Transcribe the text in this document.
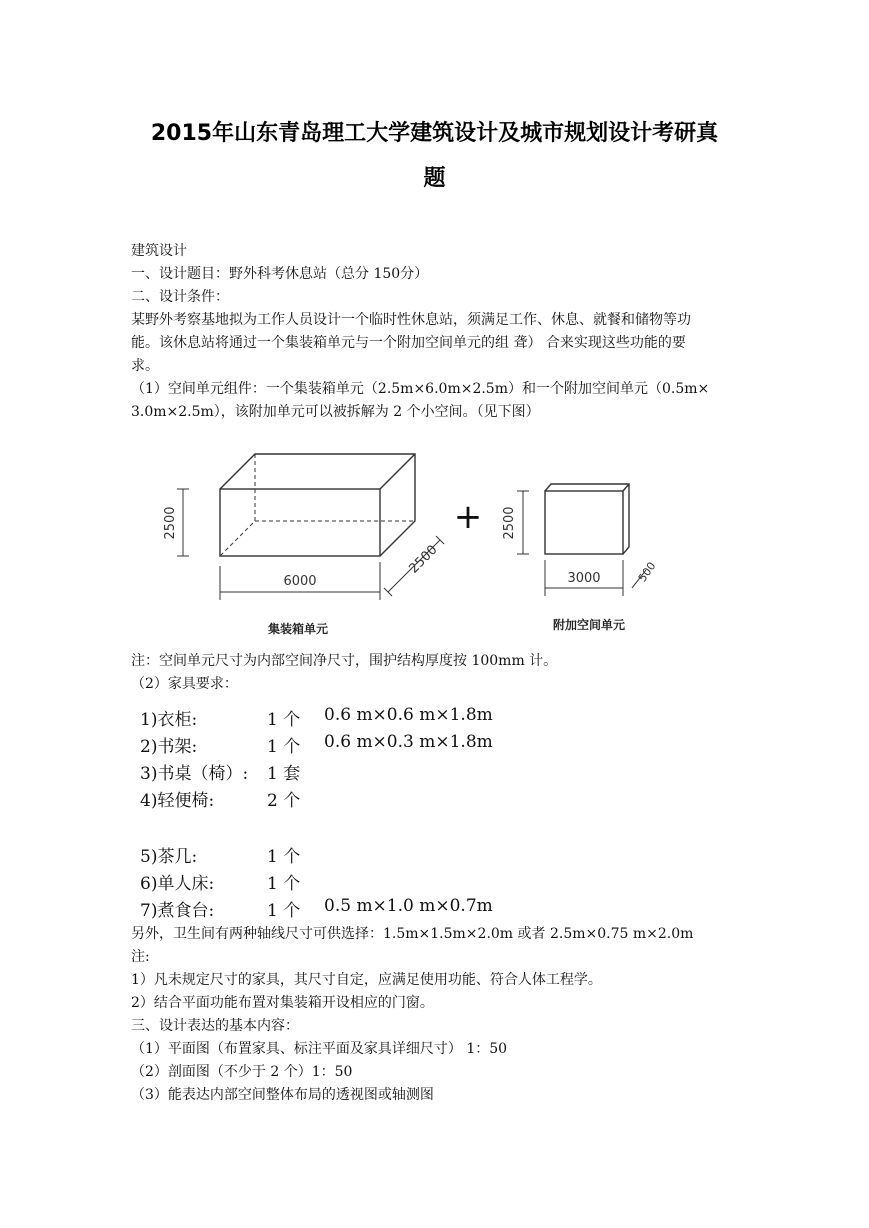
2015年山东青岛理工大学建筑设计及城市规划设计考研真
题
建筑设计
一、设计题目：野外科考休息站（总分 150分）
二、设计条件：
某野外考察基地拟为工作人员设计一个临时性休息站，须满足工作、休息、就餐和储物等功
能。该休息站将通过一个集装箱单元与一个附加空间单元的组 聋） 合来实现这些功能的要
求。
（1）空间单元组件：一个集装箱单元（2.5m×6.0m×2.5m）和一个附加空间单元（0.5m×
3.0m×2.5m），该附加单元可以被拆解为 2 个小空间。（见下图）
+
2500
6000
2500
2500
3000	500
集装箱单元	附加空间单元
注：空间单元尺寸为内部空间净尺寸，围护结构厚度按 100mm 计。
（2）家具要求：
1)衣柜:	1 个 0.6 m×0.6 m×1.8m
2)书架:	1 个 0.6 m×0.3 m×1.8m
3)书桌（椅）: 1 套
4)轻便椅:	2 个
5)茶几:	1 个
6)单人床:	1 个
7)煮食台:	1 个 0.5 m×1.0 m×0.7m
另外，卫生间有两种轴线尺寸可供选择：1.5m×1.5m×2.0m 或者 2.5m×0.75 m×2.0m
注:
1）凡未规定尺寸的家具，其尺寸自定，应满足使用功能、符合人体工程学。
2）结合平面功能布置对集装箱开设相应的门窗。
三、设计表达的基本内容：
（1）平面图（布置家具、标注平面及家具详细尺寸） 1：50
（2）剖面图（不少于 2 个）1：50
（3）能表达内部空间整体布局的透视图或轴测图
